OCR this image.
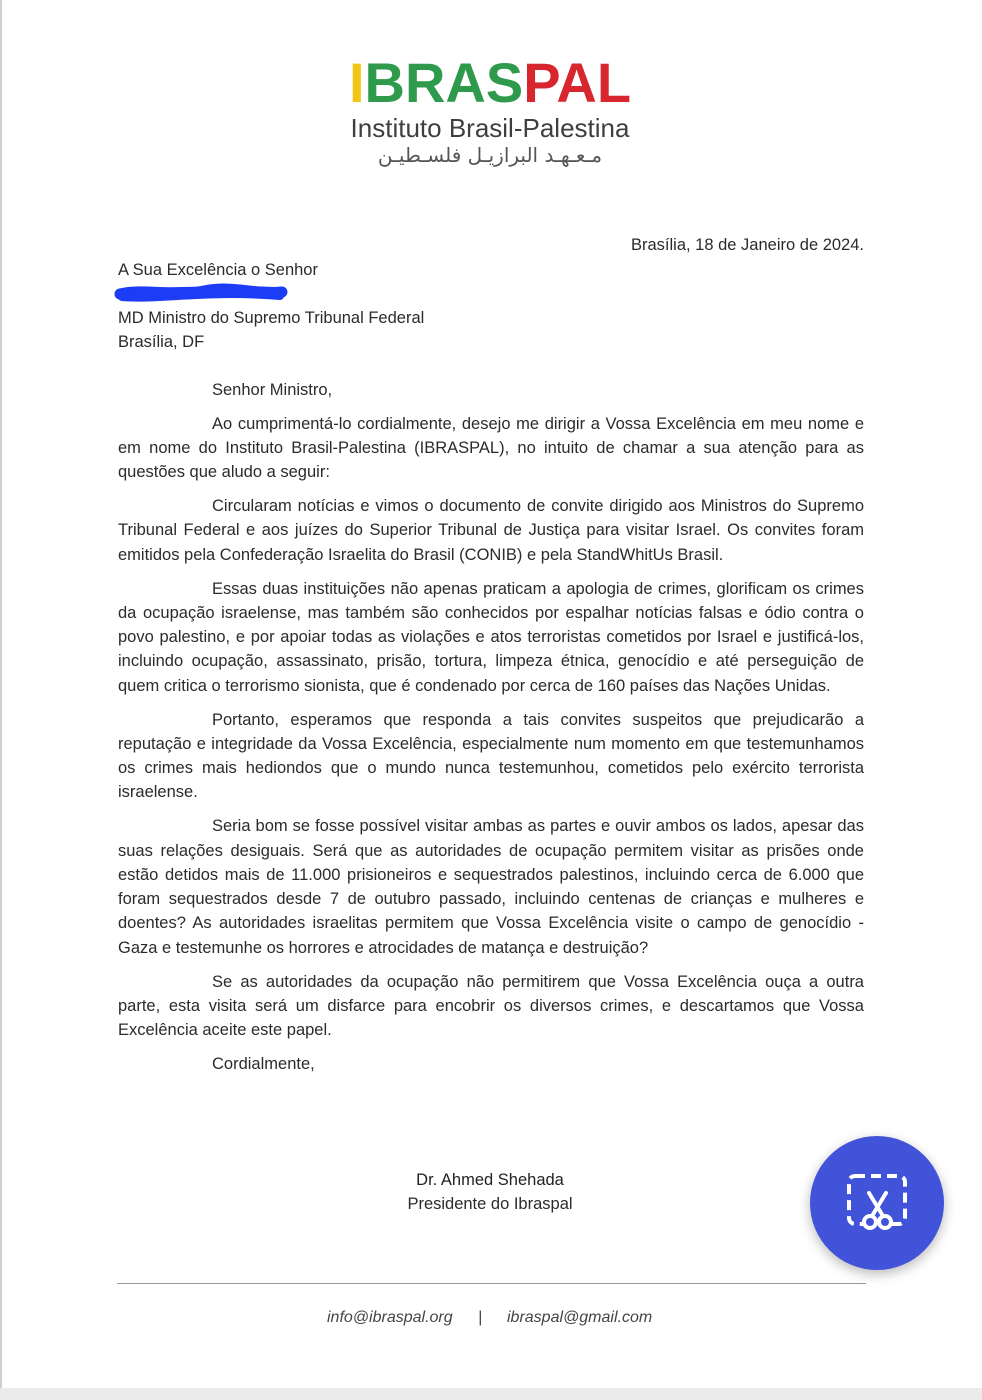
IBRASPAL
Instituto Brasil-Palestina
مـعـهـد البرازيـل فلسـطيـن
Brasília, 18 de Janeiro de 2024.
A Sua Excelência o Senhor
MD Ministro do Supremo Tribunal Federal
Brasília, DF

Senhor Ministro,

Ao cumprimentá-lo cordialmente, desejo me dirigir a Vossa Excelência em meu nome e em nome do Instituto Brasil-Palestina (IBRASPAL), no intuito de chamar a sua atenção para as questões que aludo a seguir:

Circularam notícias e vimos o documento de convite dirigido aos Ministros do Supremo Tribunal Federal e aos juízes do Superior Tribunal de Justiça para visitar Israel. Os convites foram emitidos pela Confederação Israelita do Brasil (CONIB) e pela StandWhitUs Brasil.

Essas duas instituições não apenas praticam a apologia de crimes, glorificam os crimes da ocupação israelense, mas também são conhecidos por espalhar notícias falsas e ódio contra o povo palestino, e por apoiar todas as violações e atos terroristas cometidos por Israel e justificá-los, incluindo ocupação, assassinato, prisão, tortura, limpeza étnica, genocídio e até perseguição de quem critica o terrorismo sionista, que é condenado por cerca de 160 países das Nações Unidas.

Portanto, esperamos que responda a tais convites suspeitos que prejudicarão a reputação e integridade da Vossa Excelência, especialmente num momento em que testemunhamos os crimes mais hediondos que o mundo nunca testemunhou, cometidos pelo exército terrorista israelense.

Seria bom se fosse possível visitar ambas as partes e ouvir ambos os lados, apesar das suas relações desiguais. Será que as autoridades de ocupação permitem visitar as prisões onde estão detidos mais de 11.000 prisioneiros e sequestrados palestinos, incluindo cerca de 6.000 que foram sequestrados desde 7 de outubro passado, incluindo centenas de crianças e mulheres e doentes? As autoridades israelitas permitem que Vossa Excelência visite o campo de genocídio - Gaza e testemunhe os horrores e atrocidades de matança e destruição?

Se as autoridades da ocupação não permitirem que Vossa Excelência ouça a outra parte, esta visita será um disfarce para encobrir os diversos crimes, e descartamos que Vossa Excelência aceite este papel.

Cordialmente,

Dr. Ahmed Shehada
Presidente do Ibraspal
info@ibraspal.org | ibraspal@gmail.com
